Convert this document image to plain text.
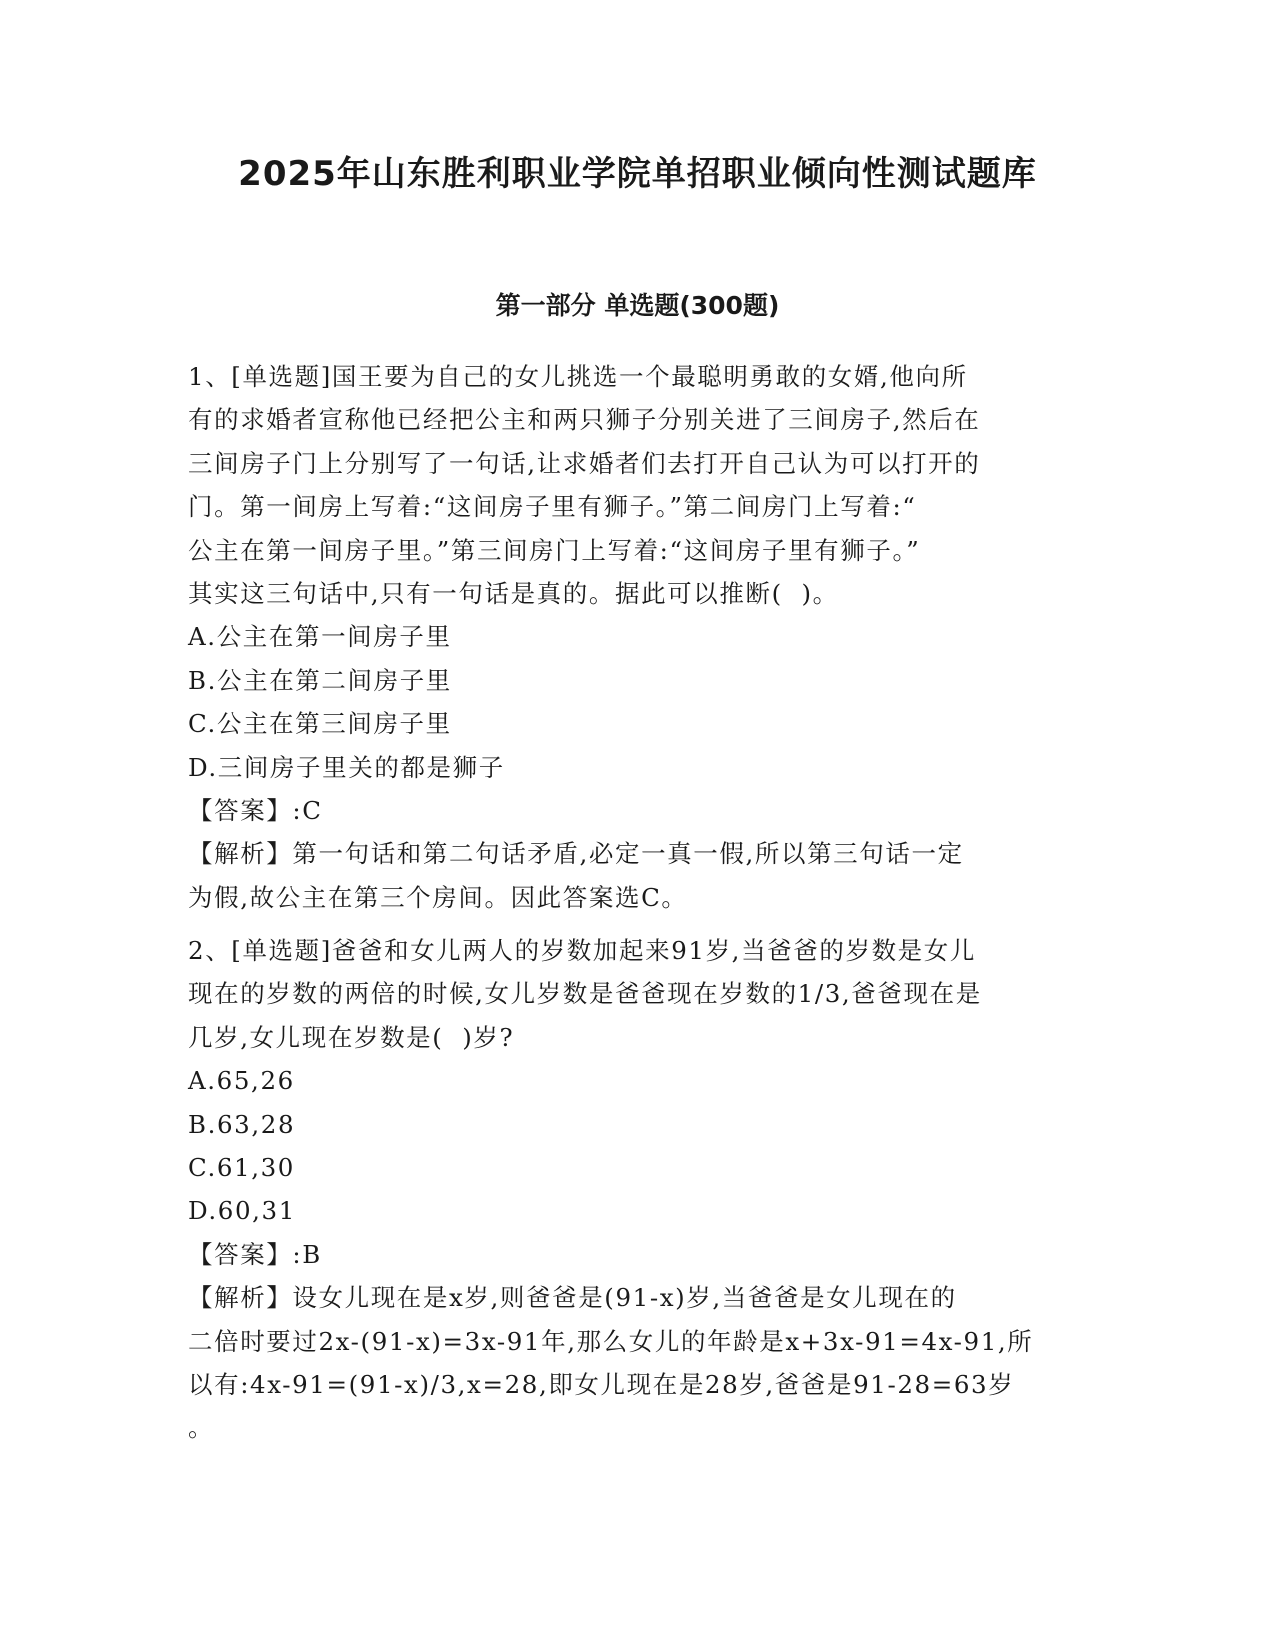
2025年山东胜利职业学院单招职业倾向性测试题库
第一部分 单选题(300题)
1、[单选题]国王要为自己的女儿挑选一个最聪明勇敢的女婿,他向所
有的求婚者宣称他已经把公主和两只狮子分别关进了三间房子,然后在
三间房子门上分别写了一句话,让求婚者们去打开自己认为可以打开的
门。第一间房上写着:“这间房子里有狮子。”第二间房门上写着:“
公主在第一间房子里。”第三间房门上写着:“这间房子里有狮子。”
其实这三句话中,只有一句话是真的。据此可以推断(  )。
A.公主在第一间房子里
B.公主在第二间房子里
C.公主在第三间房子里
D.三间房子里关的都是狮子
【答案】:C
【解析】第一句话和第二句话矛盾,必定一真一假,所以第三句话一定
为假,故公主在第三个房间。因此答案选C。
2、[单选题]爸爸和女儿两人的岁数加起来91岁,当爸爸的岁数是女儿
现在的岁数的两倍的时候,女儿岁数是爸爸现在岁数的1/3,爸爸现在是
几岁,女儿现在岁数是(  )岁?
A.65,26
B.63,28
C.61,30
D.60,31
【答案】:B
【解析】设女儿现在是x岁,则爸爸是(91-x)岁,当爸爸是女儿现在的
二倍时要过2x-(91-x)=3x-91年,那么女儿的年龄是x+3x-91=4x-91,所
以有:4x-91=(91-x)/3,x=28,即女儿现在是28岁,爸爸是91-28=63岁
。
